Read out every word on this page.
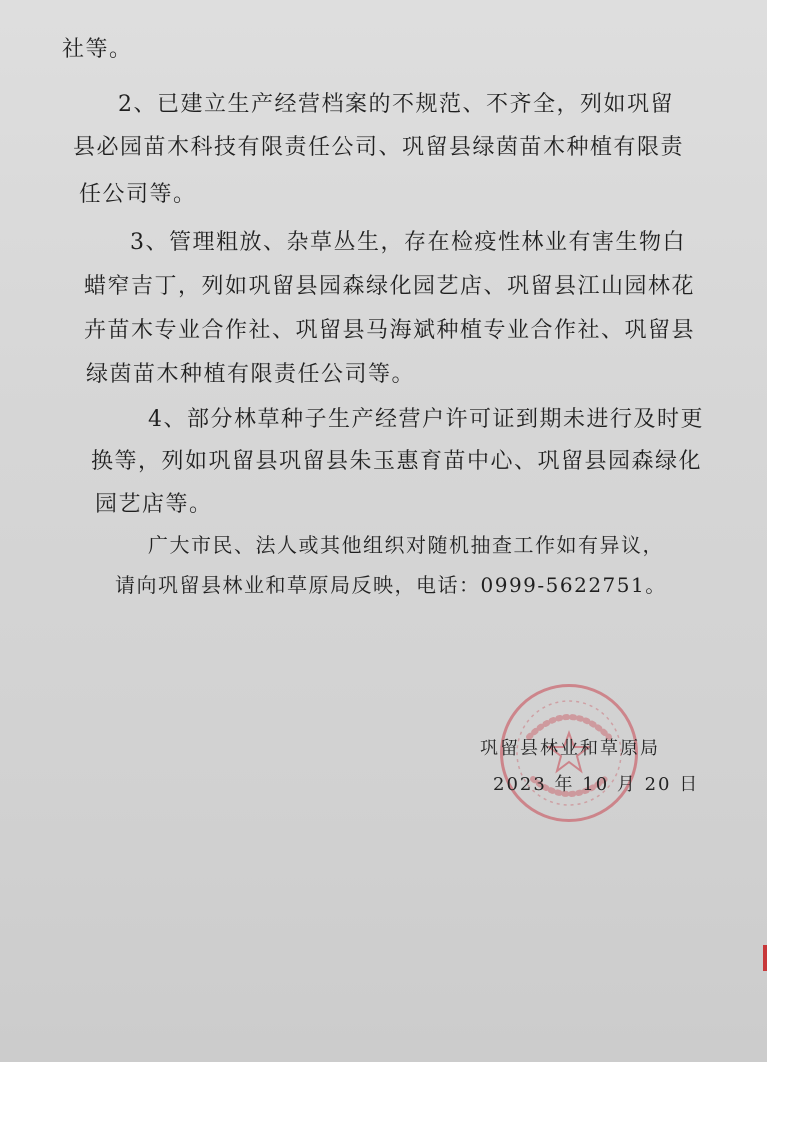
社等。
2、已建立生产经营档案的不规范、不齐全，列如巩留
县必园苗木科技有限责任公司、巩留县绿茵苗木种植有限责
任公司等。
3、管理粗放、杂草丛生，存在检疫性林业有害生物白
蜡窄吉丁，列如巩留县园森绿化园艺店、巩留县江山园林花
卉苗木专业合作社、巩留县马海斌种植专业合作社、巩留县
绿茵苗木种植有限责任公司等。
4、部分林草种子生产经营户许可证到期未进行及时更
换等，列如巩留县巩留县朱玉惠育苗中心、巩留县园森绿化
园艺店等。
广大市民、法人或其他组织对随机抽查工作如有异议，
请向巩留县林业和草原局反映，电话：0999-5622751。
巩留县林业和草原局
2023 年 10 月 20 日
